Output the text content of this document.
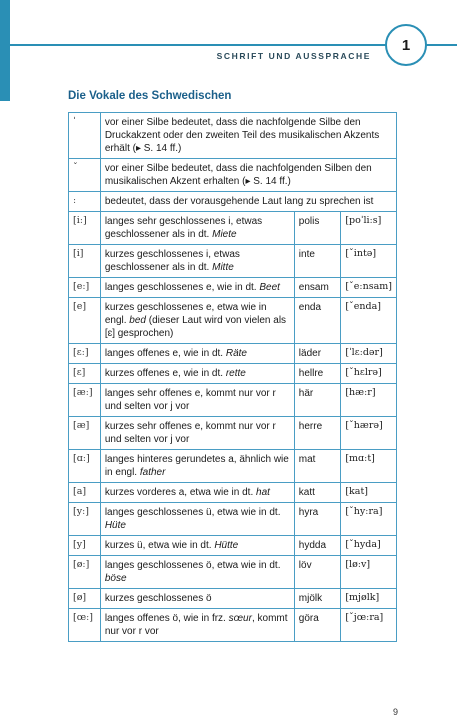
SCHRIFT UND AUSSPRACHE
1
Die Vokale des Schwedischen
ˈ	vor einer Silbe bedeutet, dass die nachfolgende Silbe den Druckakzent oder den zweiten Teil des musikalischen Akzents erhält (▸ S. 14 ff.)		
ˇ	vor einer Silbe bedeutet, dass die nachfolgenden Silben den musikalischen Akzent erhalten (▸ S. 14 ff.)		
ː	bedeutet, dass der vorausgehende Laut lang zu sprechen ist		
[iː]	langes sehr geschlossenes i, etwas geschlossener als in dt. Miete	polis	[poˈliːs]
[i]	kurzes geschlossenes i, etwas geschlossener als in dt. Mitte	inte	[ˇintə]
[eː]	langes geschlossenes e, wie in dt. Beet	ensam	[ˇeːnsam]
[e]	kurzes geschlossenes e, etwa wie in engl. bed (dieser Laut wird von vielen als [ɛ] gesprochen)	enda	[ˇenda]
[ɛː]	langes offenes e, wie in dt. Räte	läder	[ˈlɛːdər]
[ɛ]	kurzes offenes e, wie in dt. rette	hellre	[ˇhɛlrə]
[æː]	langes sehr offenes e, kommt nur vor r und selten vor j vor	här	[hæːr]
[æ]	kurzes sehr offenes e, kommt nur vor r und selten vor j vor	herre	[ˇhærə]
[ɑː]	langes hinteres gerundetes a, ähnlich wie in engl. father	mat	[mɑːt]
[a]	kurzes vorderes a, etwa wie in dt. hat	katt	[kat]
[yː]	langes geschlossenes ü, etwa wie in dt. Hüte	hyra	[ˇhyːra]
[y]	kurzes ü, etwa wie in dt. Hütte	hydda	[ˇhyda]
[øː]	langes geschlossenes ö, etwa wie in dt. böse	löv	[løːv]
[ø]	kurzes geschlossenes ö	mjölk	[mjølk]
[œː]	langes offenes ö, wie in frz. sœur, kommt nur vor r vor	göra	[ˇjœːra]
9
